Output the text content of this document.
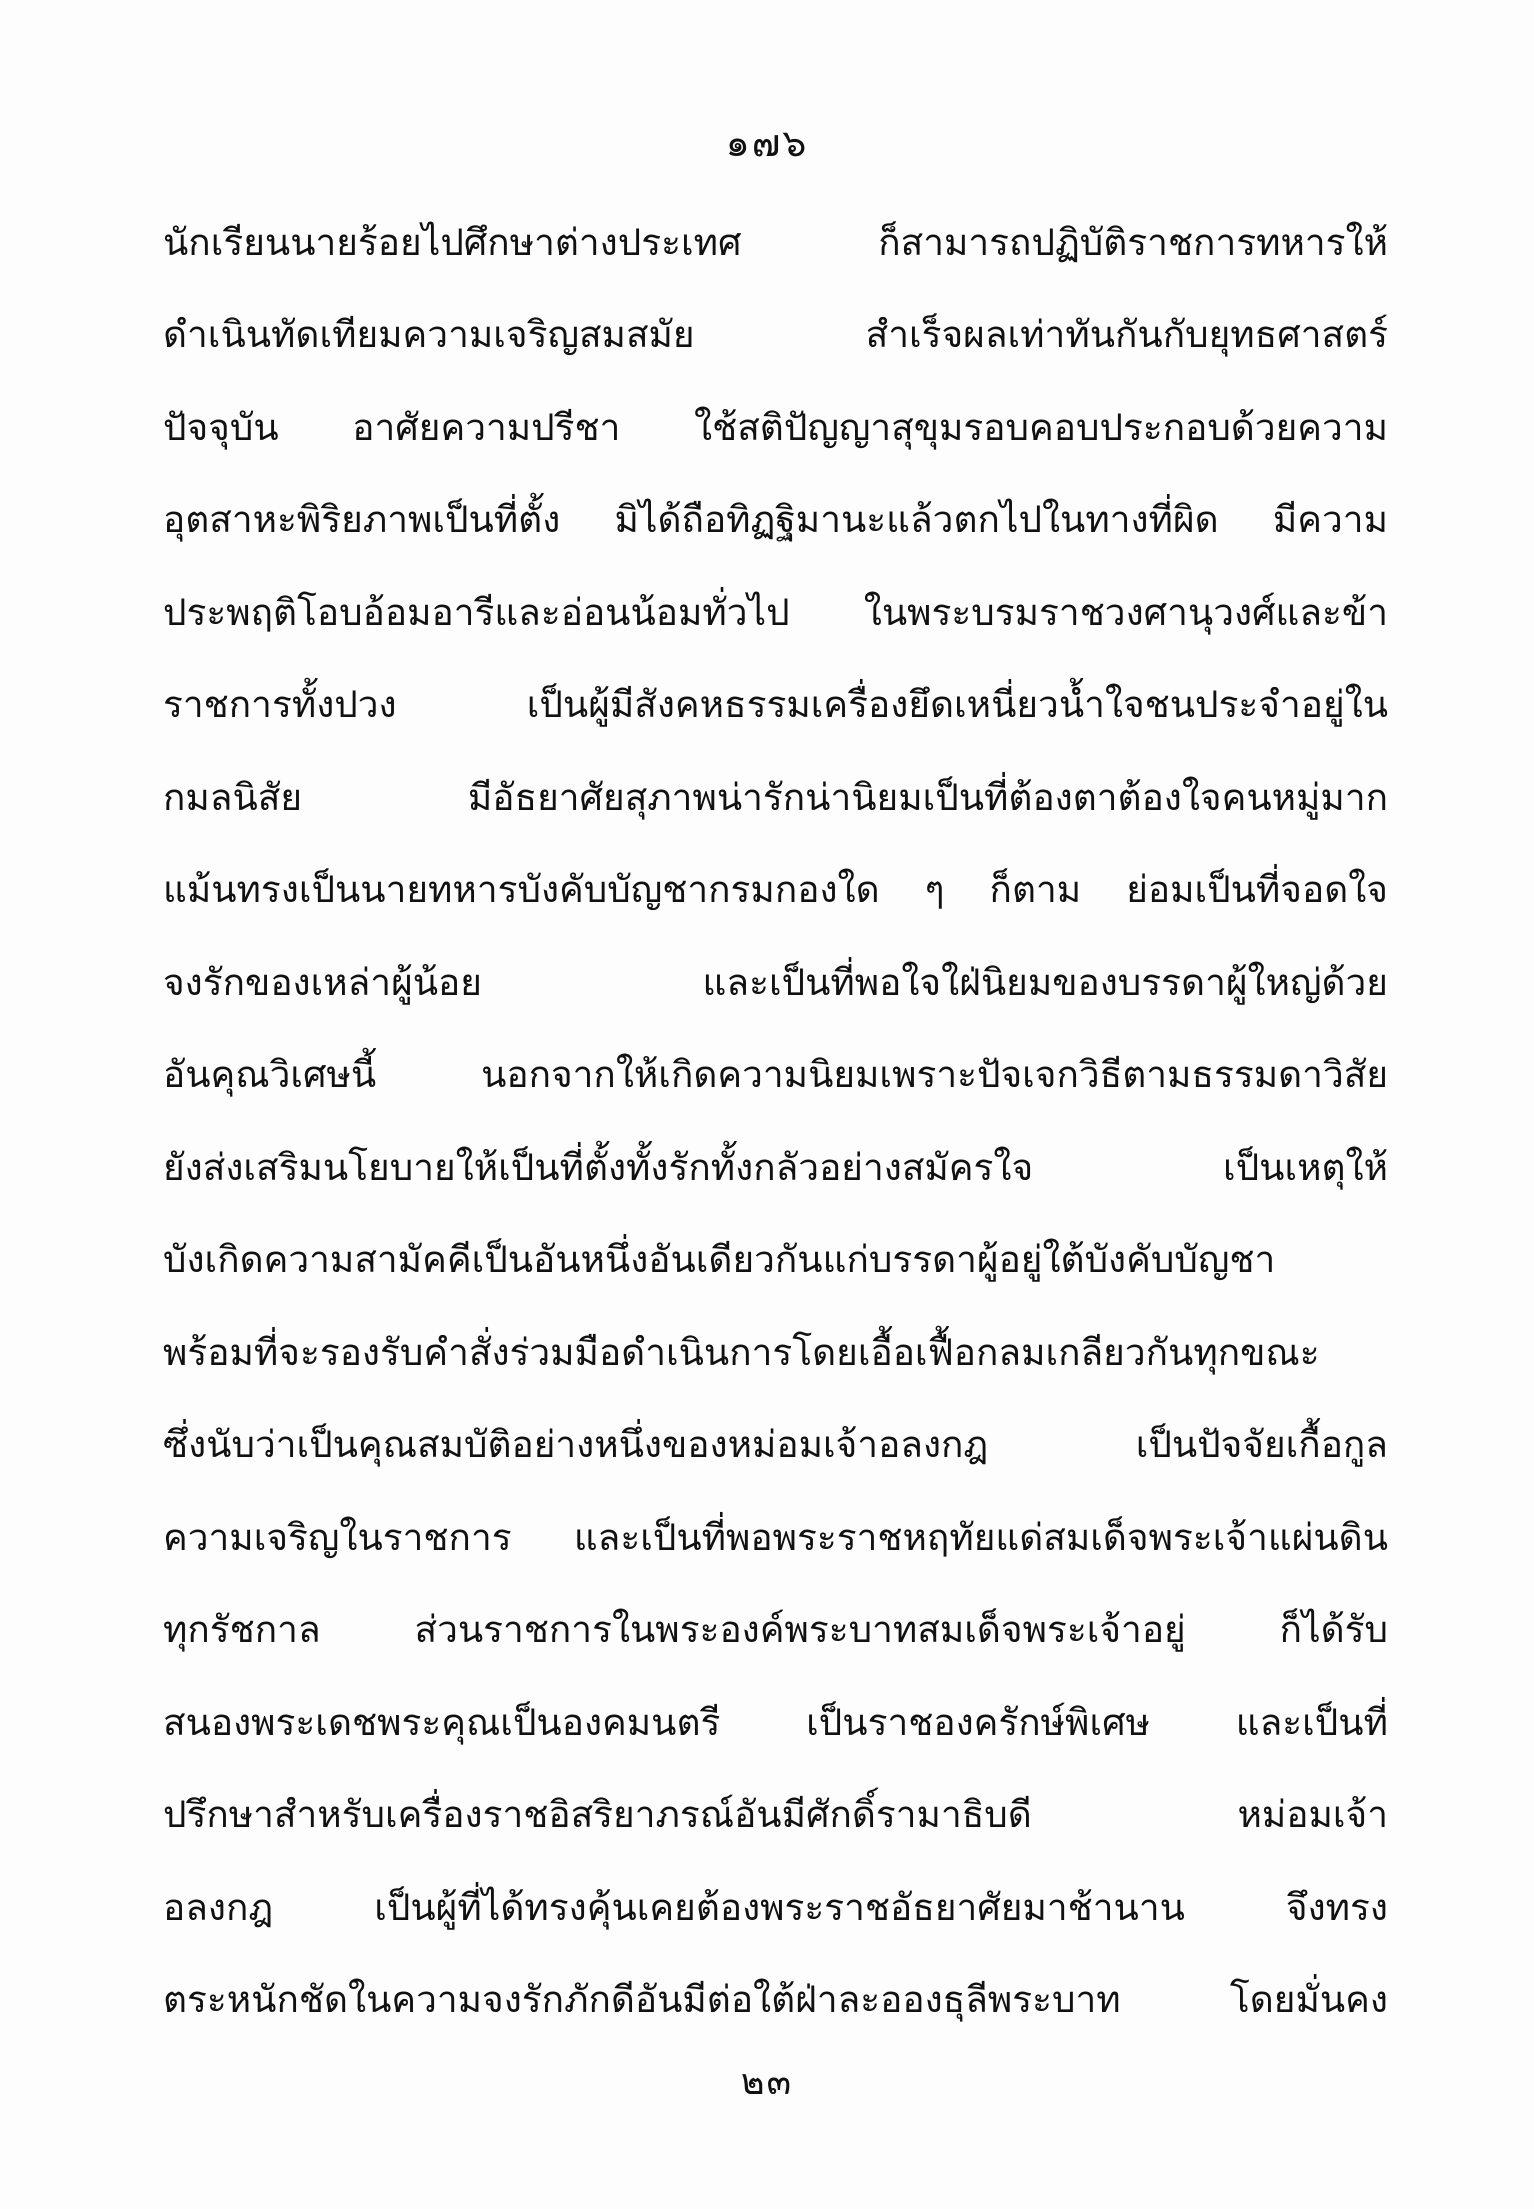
๑๗๖
นักเรียนนายร้อยไปศึกษาต่างประเทศ	ก็สามารถปฏิบัติราชการทหารให้
ดำเนินทัดเทียมความเจริญสมสมัย	สำเร็จผลเท่าทันกันกับยุทธศาสตร์
ปัจจุบัน อาศัยความปรีชา ใช้สติปัญญาสุขุมรอบคอบประกอบด้วยความ
อุตสาหะพิริยภาพเป็นที่ตั้ง มิได้ถือทิฏฐิมานะแล้วตกไปในทางที่ผิด มีความ
ประพฤติโอบอ้อมอารีและอ่อนน้อมทั่วไป ในพระบรมราชวงศานุวงศ์และข้า
ราชการทั้งปวง	เป็นผู้มีสังคหธรรมเครื่องยึดเหนี่ยวน้ำใจชนประจำอยู่ใน
กมลนิสัย	มีอัธยาศัยสุภาพน่ารักน่านิยมเป็นที่ต้องตาต้องใจคนหมู่มาก
แม้นทรงเป็นนายทหารบังคับบัญชากรมกองใด ๆ ก็ตาม ย่อมเป็นที่จอดใจ
จงรักของเหล่าผู้น้อย	และเป็นที่พอใจใฝ่นิยมของบรรดาผู้ใหญ่ด้วย
อันคุณวิเศษนี้	นอกจากให้เกิดความนิยมเพราะปัจเจกวิธีตามธรรมดาวิสัย
ยังส่งเสริมนโยบายให้เป็นที่ตั้งทั้งรักทั้งกลัวอย่างสมัครใจ	เป็นเหตุให้
บังเกิดความสามัคคีเป็นอันหนึ่งอันเดียวกันแก่บรรดาผู้อยู่ใต้บังคับบัญชา
พร้อมที่จะรองรับคำสั่งร่วมมือดำเนินการโดยเอื้อเฟื้อกลมเกลียวกันทุกขณะ
ซึ่งนับว่าเป็นคุณสมบัติอย่างหนึ่งของหม่อมเจ้าอลงกฎ	เป็นปัจจัยเกื้อกูล
ความเจริญในราชการ และเป็นที่พอพระราชหฤทัยแด่สมเด็จพระเจ้าแผ่นดิน
ทุกรัชกาล	ส่วนราชการในพระองค์พระบาทสมเด็จพระเจ้าอยู่	ก็ได้รับ
สนองพระเดชพระคุณเป็นองคมนตรี เป็นราชองครักษ์พิเศษ และเป็นที่
ปรึกษาสำหรับเครื่องราชอิสริยาภรณ์อันมีศักดิ์รามาธิบดี	หม่อมเจ้า
อลงกฎ	เป็นผู้ที่ได้ทรงคุ้นเคยต้องพระราชอัธยาศัยมาช้านาน	จึงทรง
ตระหนักชัดในความจงรักภักดีอันมีต่อใต้ฝ่าละอองธุลีพระบาท	โดยมั่นคง
๒๓
